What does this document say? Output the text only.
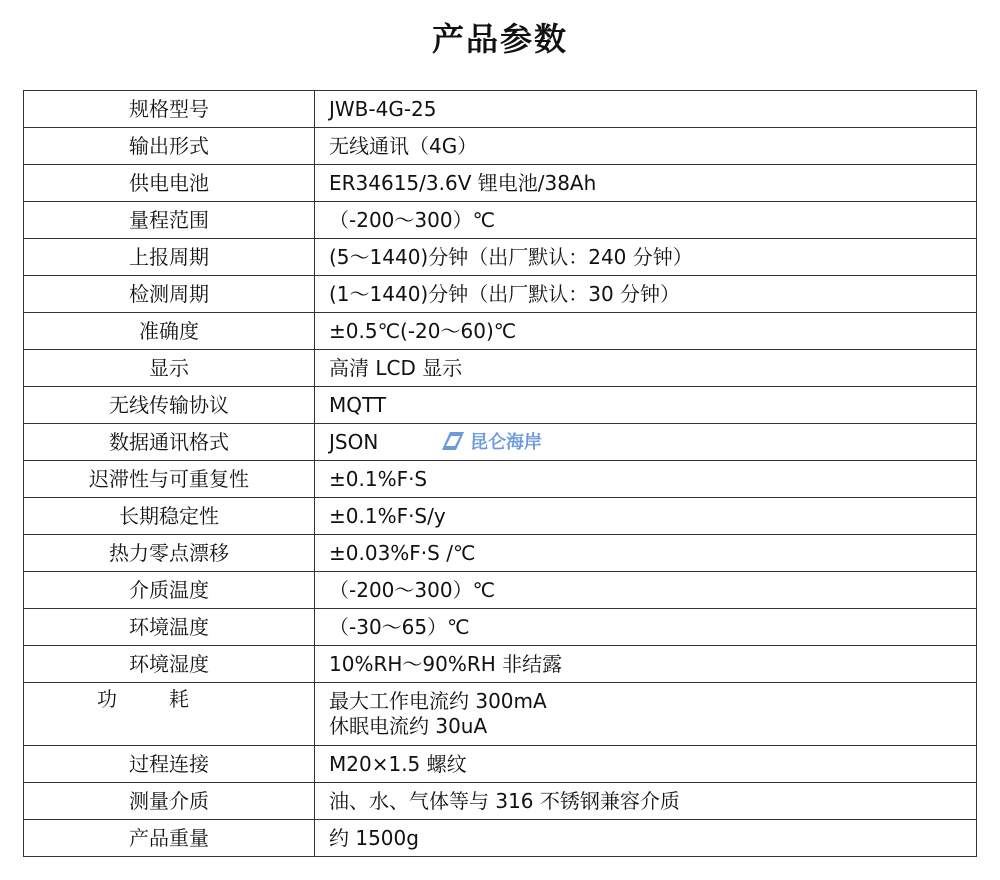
产品参数
规格型号	JWB-4G-25
输出形式	无线通讯（4G）
供电电池	ER34615/3.6V 锂电池/38Ah
量程范围	（-200～300）℃
上报周期	(5～1440)分钟（出厂默认：240 分钟）
检测周期	(1～1440)分钟（出厂默认：30 分钟）
准确度	±0.5℃(-20～60)℃
显示	高清 LCD 显示
无线传输协议	MQTT
数据通讯格式	JSON
迟滞性与可重复性	±0.1%F·S
长期稳定性	±0.1%F·S/y
热力零点漂移	±0.03%F·S /℃
介质温度	（-200～300）℃
环境温度	（-30～65）℃
环境湿度	10%RH～90%RH 非结露
功耗	最大工作电流约 300mA
休眠电流约 30uA

过程连接	M20×1.5 螺纹
测量介质	油、水、气体等与 316 不锈钢兼容介质
产品重量	约 1500g
昆仑海岸
